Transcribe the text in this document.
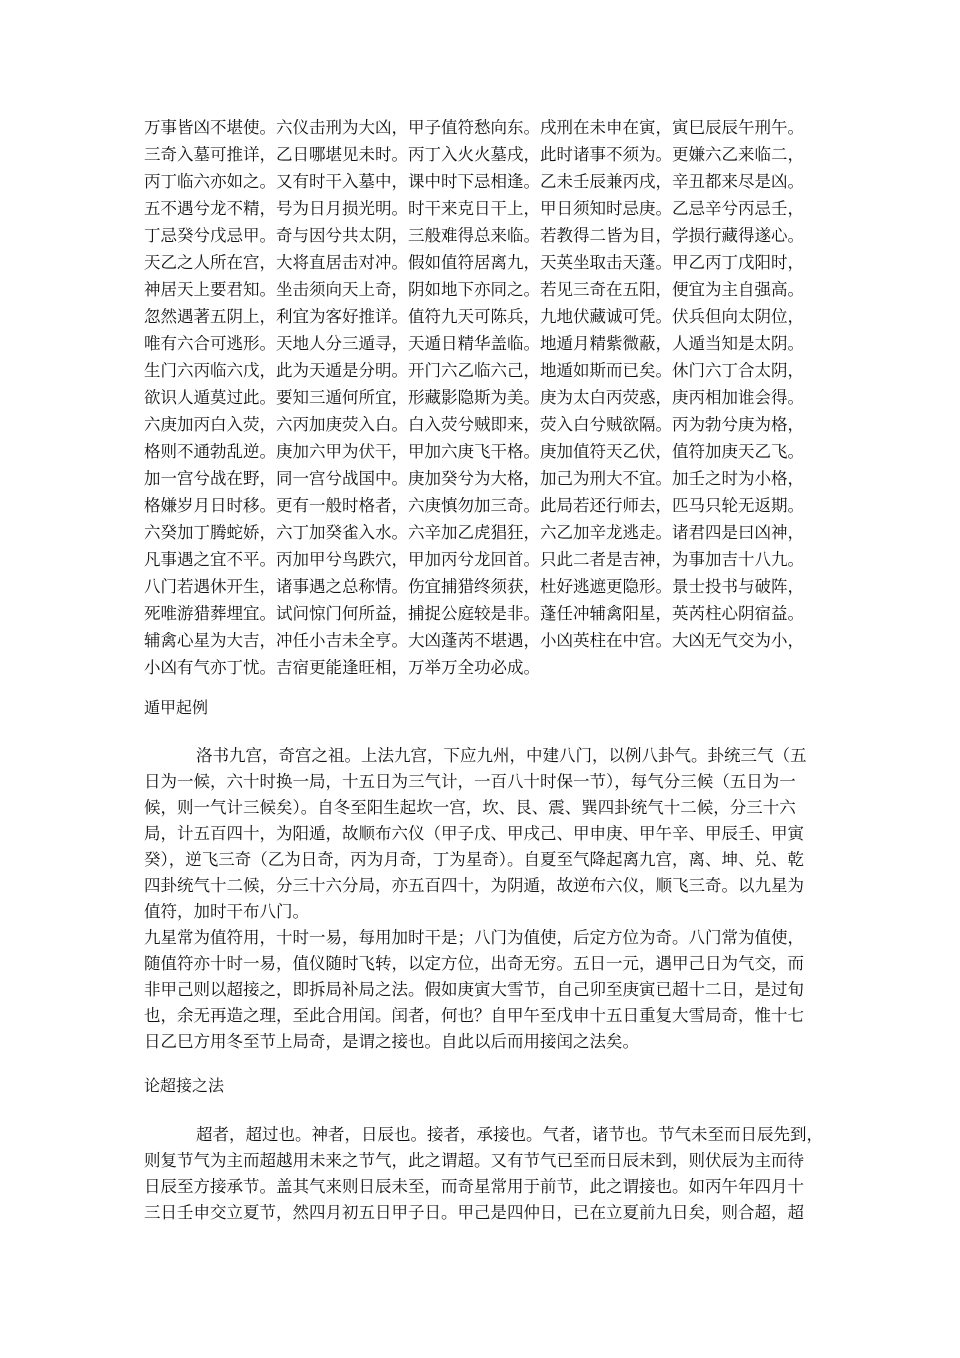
万事皆凶不堪使。六仪击刑为大凶，甲子值符愁向东。戌刑在未申在寅，寅巳辰辰午刑午。
三奇入墓可推详，乙日哪堪见未时。丙丁入火火墓戌，此时诸事不须为。更嫌六乙来临二，
丙丁临六亦如之。又有时干入墓中，课中时下忌相逢。乙未壬辰兼丙戌，辛丑都来尽是凶。
五不遇兮龙不精，号为日月损光明。时干来克日干上，甲日须知时忌庚。乙忌辛兮丙忌壬，
丁忌癸兮戊忌甲。奇与因兮共太阴，三般难得总来临。若教得二皆为目，学损行藏得遂心。
天乙之人所在宫，大将直居击对冲。假如值符居离九，天英坐取击天蓬。甲乙丙丁戊阳时，
神居天上要君知。坐击须向天上奇，阴如地下亦同之。若见三奇在五阳，便宜为主自强高。
忽然遇著五阴上，利宜为客好推详。值符九天可陈兵，九地伏藏诚可凭。伏兵但向太阴位，
唯有六合可逃形。天地人分三遁寻，天遁日精华盖临。地遁月精紫微蔽，人遁当知是太阴。
生门六丙临六戊，此为天遁是分明。开门六乙临六己，地遁如斯而已矣。休门六丁合太阴，
欲识人遁莫过此。要知三遁何所宜，形藏影隐斯为美。庚为太白丙荧惑，庚丙相加谁会得。
六庚加丙白入荧，六丙加庚荧入白。白入荧兮贼即来，荧入白兮贼欲隔。丙为勃兮庚为格，
格则不通勃乱逆。庚加六甲为伏干，甲加六庚飞干格。庚加值符天乙伏，值符加庚天乙飞。
加一宫兮战在野，同一宫兮战国中。庚加癸兮为大格，加己为刑大不宜。加壬之时为小格，
格嫌岁月日时移。更有一般时格者，六庚慎勿加三奇。此局若还行师去，匹马只轮无返期。
六癸加丁腾蛇娇，六丁加癸雀入水。六辛加乙虎猖狂，六乙加辛龙逃走。诸君四是曰凶神，
凡事遇之宜不平。丙加甲兮鸟跌穴，甲加丙兮龙回首。只此二者是吉神，为事加吉十八九。
八门若遇休开生，诸事遇之总称情。伤宜捕猎终须获，杜好逃遮更隐形。景士投书与破阵，
死唯游猎葬埋宜。试问惊门何所益，捕捉公庭较是非。蓬任冲辅禽阳星，英芮柱心阴宿益。
辅禽心星为大吉，冲任小吉未全亨。大凶蓬芮不堪遇，小凶英柱在中宫。大凶无气交为小，
小凶有气亦丁忧。吉宿更能逢旺相，万举万全功必成。
遁甲起例
洛书九宫，奇宫之祖。上法九宫，下应九州，中建八门，以例八卦气。卦统三气（五
日为一候，六十时换一局，十五日为三气计，一百八十时保一节），每气分三候（五日为一
候，则一气计三候矣）。自冬至阳生起坎一宫，坎、艮、震、巽四卦统气十二候，分三十六
局，计五百四十，为阳遁，故顺布六仪（甲子戊、甲戌己、甲申庚、甲午辛、甲辰壬、甲寅
癸），逆飞三奇（乙为日奇，丙为月奇，丁为星奇）。自夏至气降起离九宫，离、坤、兑、乾
四卦统气十二候，分三十六分局，亦五百四十，为阴遁，故逆布六仪，顺飞三奇。以九星为
值符，加时干布八门。
九星常为值符用，十时一易，每用加时干是；八门为值使，后定方位为奇。八门常为值使，
随值符亦十时一易，值仪随时飞转，以定方位，出奇无穷。五日一元，遇甲己日为气交，而
非甲己则以超接之，即拆局补局之法。假如庚寅大雪节，自己卯至庚寅已超十二日，是过旬
也，余无再造之理，至此合用闰。闰者，何也？自甲午至戊申十五日重复大雪局奇，惟十七
日乙巳方用冬至节上局奇，是谓之接也。自此以后而用接闰之法矣。
论超接之法
超者，超过也。神者，日辰也。接者，承接也。气者，诸节也。节气未至而日辰先到，
则复节气为主而超越用未来之节气，此之谓超。又有节气已至而日辰未到，则伏辰为主而待
日辰至方接承节。盖其气来则日辰未至，而奇星常用于前节，此之谓接也。如丙午年四月十
三日壬申交立夏节，然四月初五日甲子日。甲己是四仲日，已在立夏前九日矣，则合超，超
